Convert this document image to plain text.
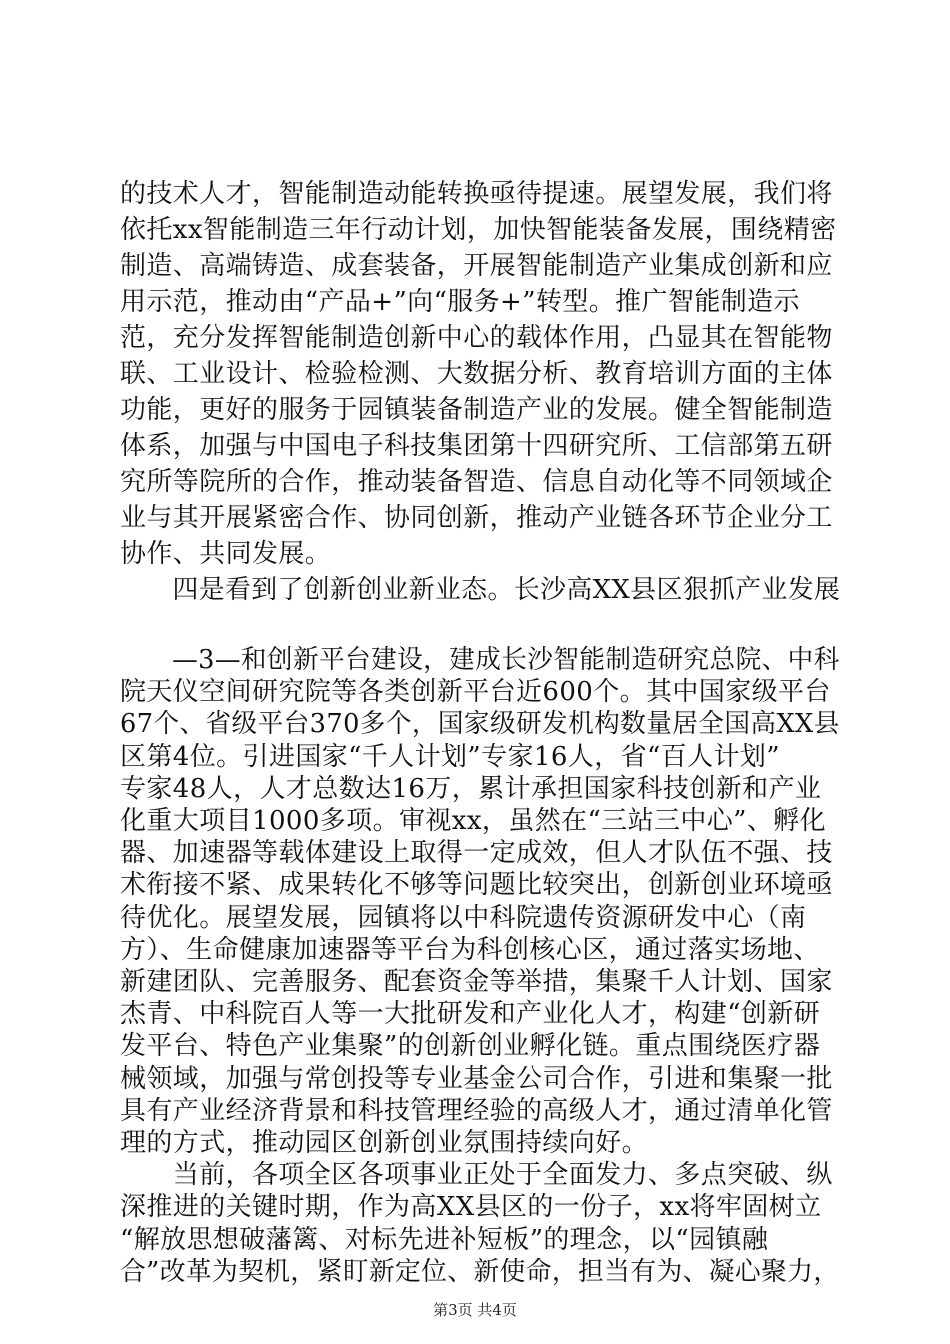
的技术人才，智能制造动能转换亟待提速。展望发展，我们将
依托xx智能制造三年行动计划，加快智能装备发展，围绕精密
制造、高端铸造、成套装备，开展智能制造产业集成创新和应
用示范，推动由“产品+”向“服务+”转型。推广智能制造示
范，充分发挥智能制造创新中心的载体作用，凸显其在智能物
联、工业设计、检验检测、大数据分析、教育培训方面的主体
功能，更好的服务于园镇装备制造产业的发展。健全智能制造
体系，加强与中国电子科技集团第十四研究所、工信部第五研
究所等院所的合作，推动装备智造、信息自动化等不同领域企
业与其开展紧密合作、协同创新，推动产业链各环节企业分工
协作、共同发展。
　　四是看到了创新创业新业态。长沙高XX县区狠抓产业发展
　　—3—和创新平台建设，建成长沙智能制造研究总院、中科
院天仪空间研究院等各类创新平台近600个。其中国家级平台
67个、省级平台370多个，国家级研发机构数量居全国高XX县
区第4位。引进国家“千人计划”专家16人，省“百人计划”
专家48人，人才总数达16万，累计承担国家科技创新和产业
化重大项目1000多项。审视xx，虽然在“三站三中心”、孵化
器、加速器等载体建设上取得一定成效，但人才队伍不强、技
术衔接不紧、成果转化不够等问题比较突出，创新创业环境亟
待优化。展望发展，园镇将以中科院遗传资源研发中心（南
方）、生命健康加速器等平台为科创核心区，通过落实场地、
新建团队、完善服务、配套资金等举措，集聚千人计划、国家
杰青、中科院百人等一大批研发和产业化人才，构建“创新研
发平台、特色产业集聚”的创新创业孵化链。重点围绕医疗器
械领域，加强与常创投等专业基金公司合作，引进和集聚一批
具有产业经济背景和科技管理经验的高级人才，通过清单化管
理的方式，推动园区创新创业氛围持续向好。
　　当前，各项全区各项事业正处于全面发力、多点突破、纵
深推进的关键时期，作为高XX县区的一份子，xx将牢固树立
“解放思想破藩篱、对标先进补短板”的理念，以“园镇融
合”改革为契机，紧盯新定位、新使命，担当有为、凝心聚力，
第3页 共4页
